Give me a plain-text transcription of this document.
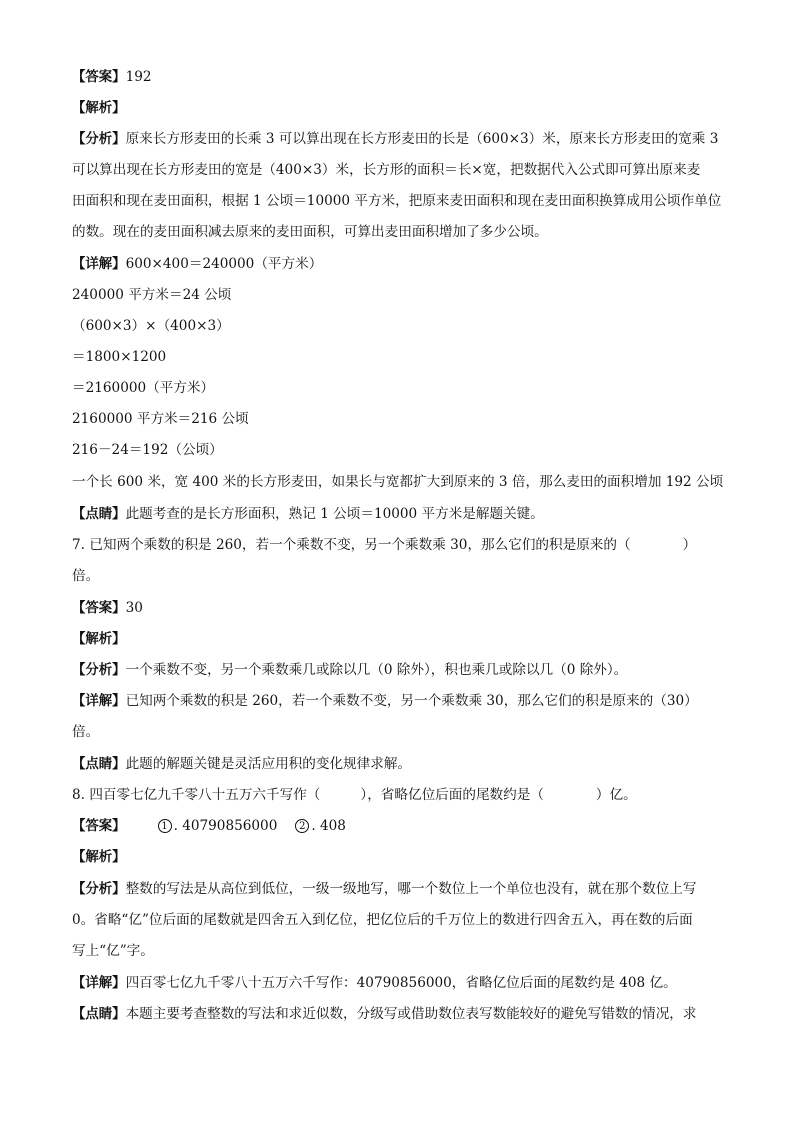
【答案】192
【解析】
【分析】原来长方形麦田的长乘 3 可以算出现在长方形麦田的长是（600×3）米，原来长方形麦田的宽乘 3
可以算出现在长方形麦田的宽是（400×3）米，长方形的面积＝长×宽，把数据代入公式即可算出原来麦
田面积和现在麦田面积，根据 1 公顷＝10000 平方米，把原来麦田面积和现在麦田面积换算成用公顷作单位
的数。现在的麦田面积减去原来的麦田面积，可算出麦田面积增加了多少公顷。
【详解】600×400＝240000（平方米）
240000 平方米＝24 公顷
（600×3）×（400×3）
＝1800×1200
＝2160000（平方米）
2160000 平方米＝216 公顷
216－24＝192（公顷）
一个长 600 米，宽 400 米的长方形麦田，如果长与宽都扩大到原来的 3 倍，那么麦田的面积增加 192 公顷
【点睛】此题考查的是长方形面积，熟记 1 公顷＝10000 平方米是解题关键。
7. 已知两个乘数的积是 260，若一个乘数不变，另一个乘数乘 30，那么它们的积是原来的（	）
倍。
【答案】30
【解析】
【分析】一个乘数不变，另一个乘数乘几或除以几（0 除外），积也乘几或除以几（0 除外）。
【详解】已知两个乘数的积是 260，若一个乘数不变，另一个乘数乘 30，那么它们的积是原来的（30）
倍。
【点睛】此题的解题关键是灵活应用积的变化规律求解。
8. 四百零七亿九千零八十五万六千写作（	），省略亿位后面的尾数约是（	）亿。
【答案】	1 . 40790856000 2 . 408
【解析】
【分析】整数的写法是从高位到低位，一级一级地写，哪一个数位上一个单位也没有，就在那个数位上写
0。省略“亿”位后面的尾数就是四舍五入到亿位，把亿位后的千万位上的数进行四舍五入，再在数的后面
写上“亿”字。
【详解】四百零七亿九千零八十五万六千写作：40790856000，省略亿位后面的尾数约是 408 亿。
【点睛】本题主要考查整数的写法和求近似数，分级写或借助数位表写数能较好的避免写错数的情况，求
